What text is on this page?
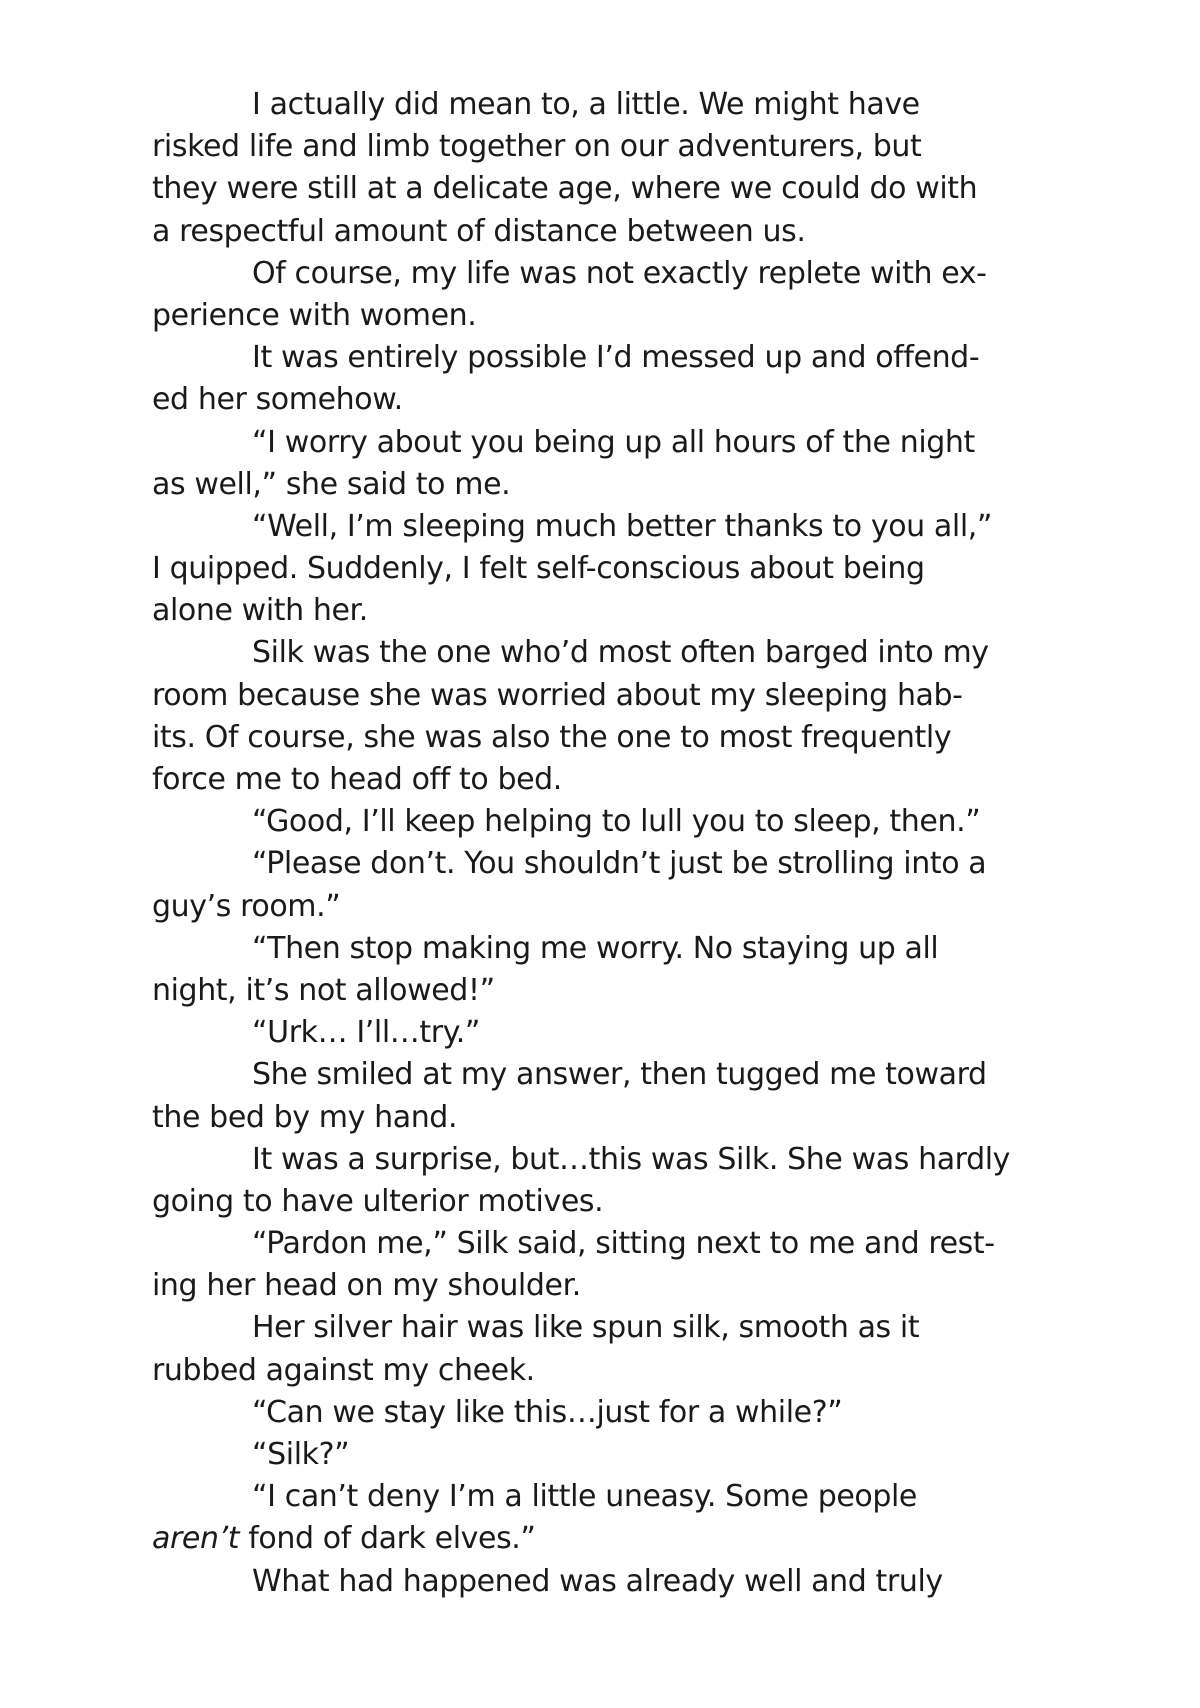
I actually did mean to, a little. We might have
risked life and limb together on our adventurers, but
they were still at a delicate age, where we could do with
a respectful amount of distance between us.
Of course, my life was not exactly replete with ex-
perience with women.
It was entirely possible I’d messed up and offend-
ed her somehow.
“I worry about you being up all hours of the night
as well,” she said to me.
“Well, I’m sleeping much better thanks to you all,”
I quipped. Suddenly, I felt self-conscious about being
alone with her.
Silk was the one who’d most often barged into my
room because she was worried about my sleeping hab-
its. Of course, she was also the one to most frequently
force me to head off to bed.
“Good, I’ll keep helping to lull you to sleep, then.”
“Please don’t. You shouldn’t just be strolling into a
guy’s room.”
“Then stop making me worry. No staying up all
night, it’s not allowed!”
“Urk… I’ll…try.”
She smiled at my answer, then tugged me toward
the bed by my hand.
It was a surprise, but…this was Silk. She was hardly
going to have ulterior motives.
“Pardon me,” Silk said, sitting next to me and rest-
ing her head on my shoulder.
Her silver hair was like spun silk, smooth as it
rubbed against my cheek.
“Can we stay like this…just for a while?”
“Silk?”
“I can’t deny I’m a little uneasy. Some people
aren’t fond of dark elves.”
What had happened was already well and truly
